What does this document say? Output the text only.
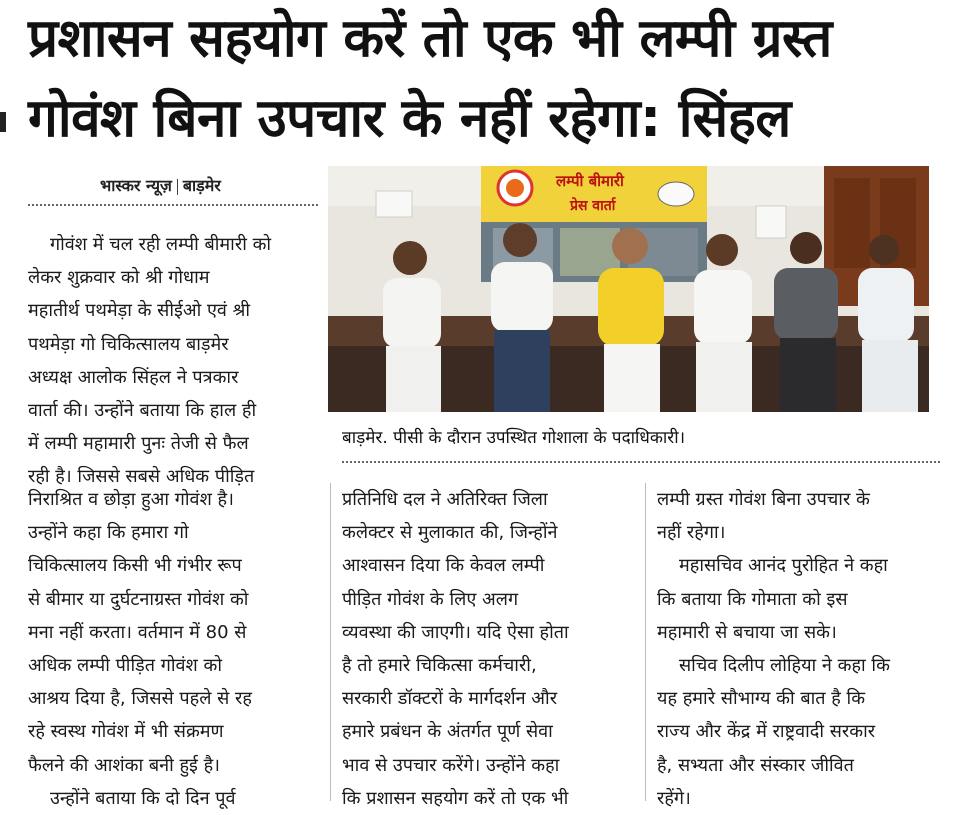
प्रशासन सहयोग करें तो एक भी लम्पी ग्रस्त
गोवंश बिना उपचार के नहीं रहेगा: सिंहल
भास्कर न्यूज़ बाड़मेर	लम्पी बीमारी
प्रेस वार्ता
बाड़मेर. पीसी के दौरान उपस्थित गोशाला के पदाधिकारी।
गोवंश में चल रही लम्पी बीमारी को
लेकर शुक्रवार को श्री गोधाम
महातीर्थ पथमेड़ा के सीईओ एवं श्री
पथमेड़ा गो चिकित्सालय बाड़मेर
अध्यक्ष आलोक सिंहल ने पत्रकार
वार्ता की। उन्होंने बताया कि हाल ही
में लम्पी महामारी पुनः तेजी से फैल
रही है। जिससे सबसे अधिक पीड़ित
निराश्रित व छोड़ा हुआ गोवंश है।
उन्होंने कहा कि हमारा गो
चिकित्सालय किसी भी गंभीर रूप
से बीमार या दुर्घटनाग्रस्त गोवंश को
मना नहीं करता। वर्तमान में 80 से
अधिक लम्पी पीड़ित गोवंश को
आश्रय दिया है, जिससे पहले से रह
रहे स्वस्थ गोवंश में भी संक्रमण
फैलने की आशंका बनी हुई है।
उन्होंने बताया कि दो दिन पूर्व
प्रतिनिधि दल ने अतिरिक्त जिला
कलेक्टर से मुलाकात की, जिन्होंने
आश्वासन दिया कि केवल लम्पी
पीड़ित गोवंश के लिए अलग
व्यवस्था की जाएगी। यदि ऐसा होता
है तो हमारे चिकित्सा कर्मचारी,
सरकारी डॉक्टरों के मार्गदर्शन और
हमारे प्रबंधन के अंतर्गत पूर्ण सेवा
भाव से उपचार करेंगे। उन्होंने कहा
कि प्रशासन सहयोग करें तो एक भी
लम्पी ग्रस्त गोवंश बिना उपचार के
नहीं रहेगा।
महासचिव आनंद पुरोहित ने कहा
कि बताया कि गोमाता को इस
महामारी से बचाया जा सके।
सचिव दिलीप लोहिया ने कहा कि
यह हमारे सौभाग्य की बात है कि
राज्य और केंद्र में राष्ट्रवादी सरकार
है, सभ्यता और संस्कार जीवित
रहेंगे।
